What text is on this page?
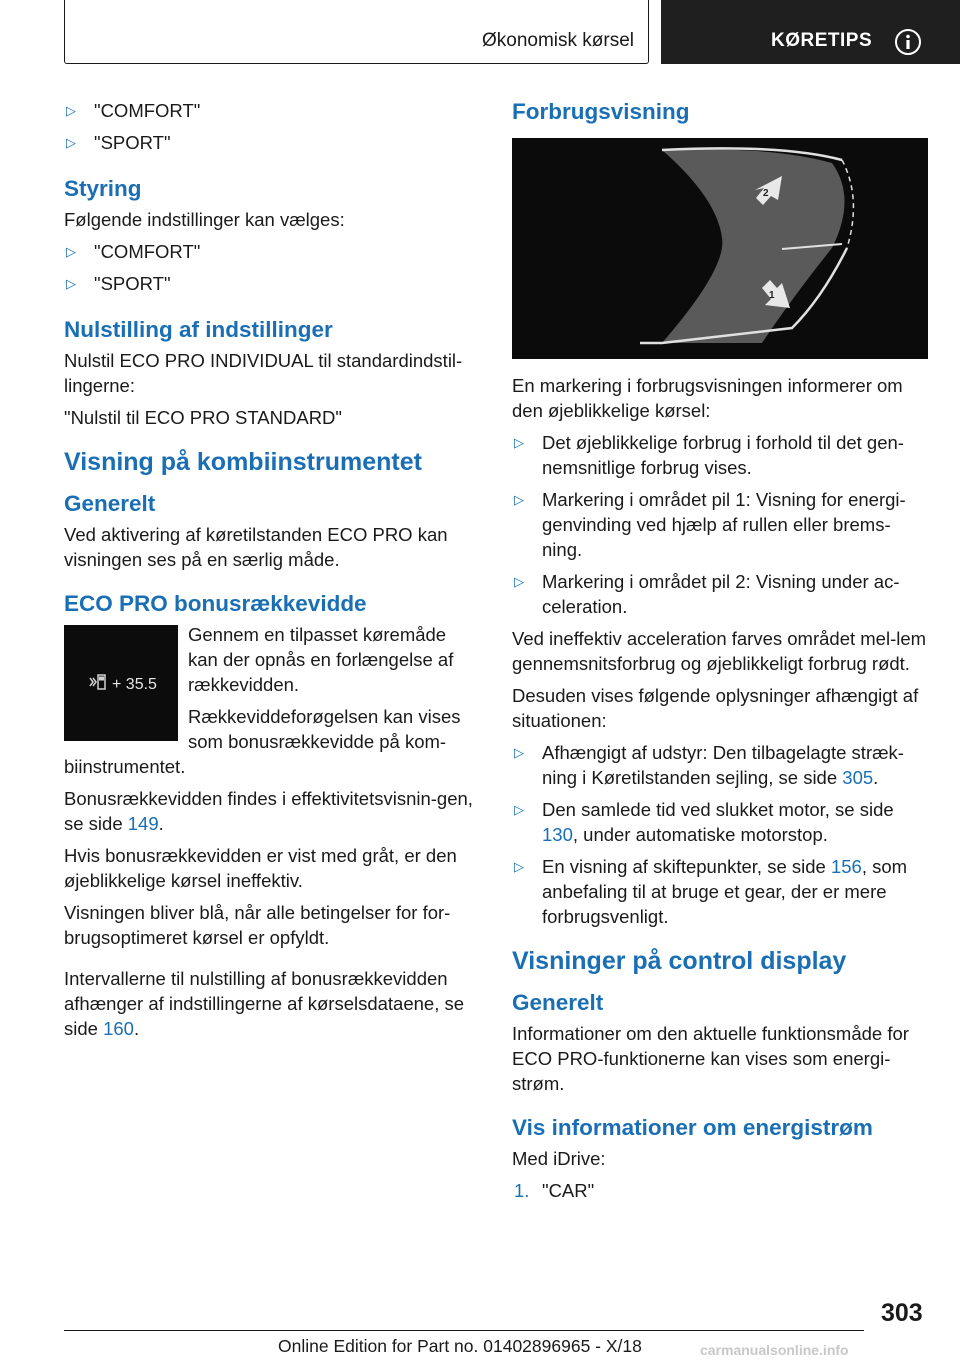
Økonomisk kørsel	KØRETIPS
▷ "COMFORT"
▷ "SPORT"
Styring

Følgende indstillinger kan vælges:

▷ "COMFORT"
▷ "SPORT"
Nulstilling af indstillinger

Nulstil ECO PRO INDIVIDUAL til standardindstil-lingerne:

"Nulstil til ECO PRO STANDARD"

Visning på kombiinstrumentet
Generelt

Ved aktivering af køretilstanden ECO PRO kan visningen ses på en særlig måde.

ECO PRO bonusrækkevidde
+ 35.5

Gennem en tilpasset køremåde kan der opnås en forlængelse af rækkevidden.

Rækkeviddeforøgelsen kan vises som bonusrækkevidde på kom-biinstrumentet.

Bonusrækkevidden findes i effektivitetsvisnin-gen, se side 149.

Hvis bonusrækkevidden er vist med gråt, er den øjeblikkelige kørsel ineffektiv.

Visningen bliver blå, når alle betingelser for for-brugsoptimeret kørsel er opfyldt.

Intervallerne til nulstilling af bonusrækkevidden afhænger af indstillingerne af kørselsdataene, se side 160.

Forbrugsvisning
2
1

En markering i forbrugsvisningen informerer om den øjeblikkelige kørsel:

▷ Det øjeblikkelige forbrug i forhold til det gen-nemsnitlige forbrug vises.
▷ Markering i området pil 1: Visning for energi-genvinding ved hjælp af rullen eller brems-ning.
▷ Markering i området pil 2: Visning under ac-celeration.

Ved ineffektiv acceleration farves området mel-lem gennemsnitsforbrug og øjeblikkeligt forbrug rødt.

Desuden vises følgende oplysninger afhængigt af situationen:

▷ Afhængigt af udstyr: Den tilbagelagte stræk-ning i Køretilstanden sejling, se side 305.
▷ Den samlede tid ved slukket motor, se side 130, under automatiske motorstop.
▷ En visning af skiftepunkter, se side 156, som anbefaling til at bruge et gear, der er mere forbrugsvenligt.
Visninger på control display
Generelt

Informationer om den aktuelle funktionsmåde for ECO PRO-funktionerne kan vises som energi-strøm.

Vis informationer om energistrøm

Med iDrive:

1. "CAR"
303
Online Edition for Part no. 01402896965 - X/18	carmanualsonline.info
